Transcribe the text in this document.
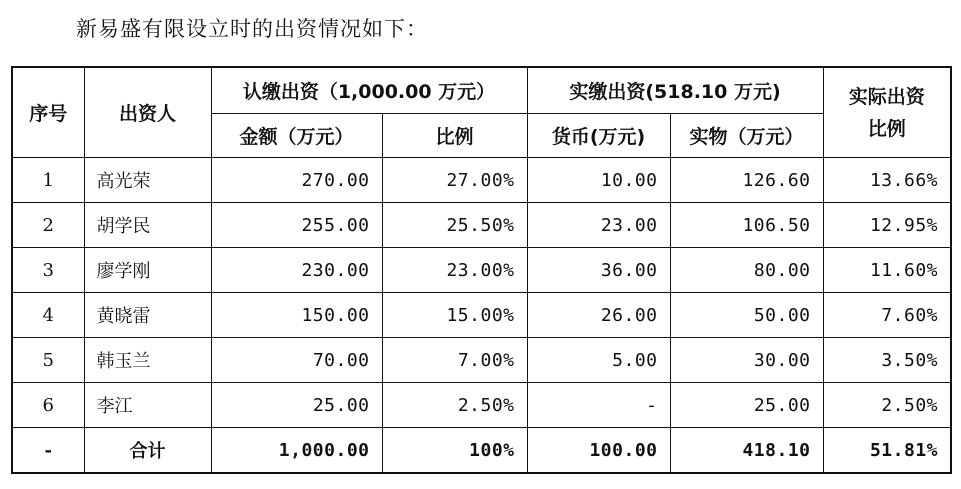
新易盛有限设立时的出资情况如下：
序号	出资人	认缴出资（1,000.00 万元）		实缴出资(518.10 万元)		实际出资
比例

		金额（万元）	比例	货币(万元)	实物（万元）	
1	高光荣	270.00	27.00%	10.00	126.60	13.66%
2	胡学民	255.00	25.50%	23.00	106.50	12.95%
3	廖学刚	230.00	23.00%	36.00	80.00	11.60%
4	黄晓雷	150.00	15.00%	26.00	50.00	7.60%
5	韩玉兰	70.00	7.00%	5.00	30.00	3.50%
6	李江	25.00	2.50%	-	25.00	2.50%
-	合计	1,000.00	100%	100.00	418.10	51.81%
